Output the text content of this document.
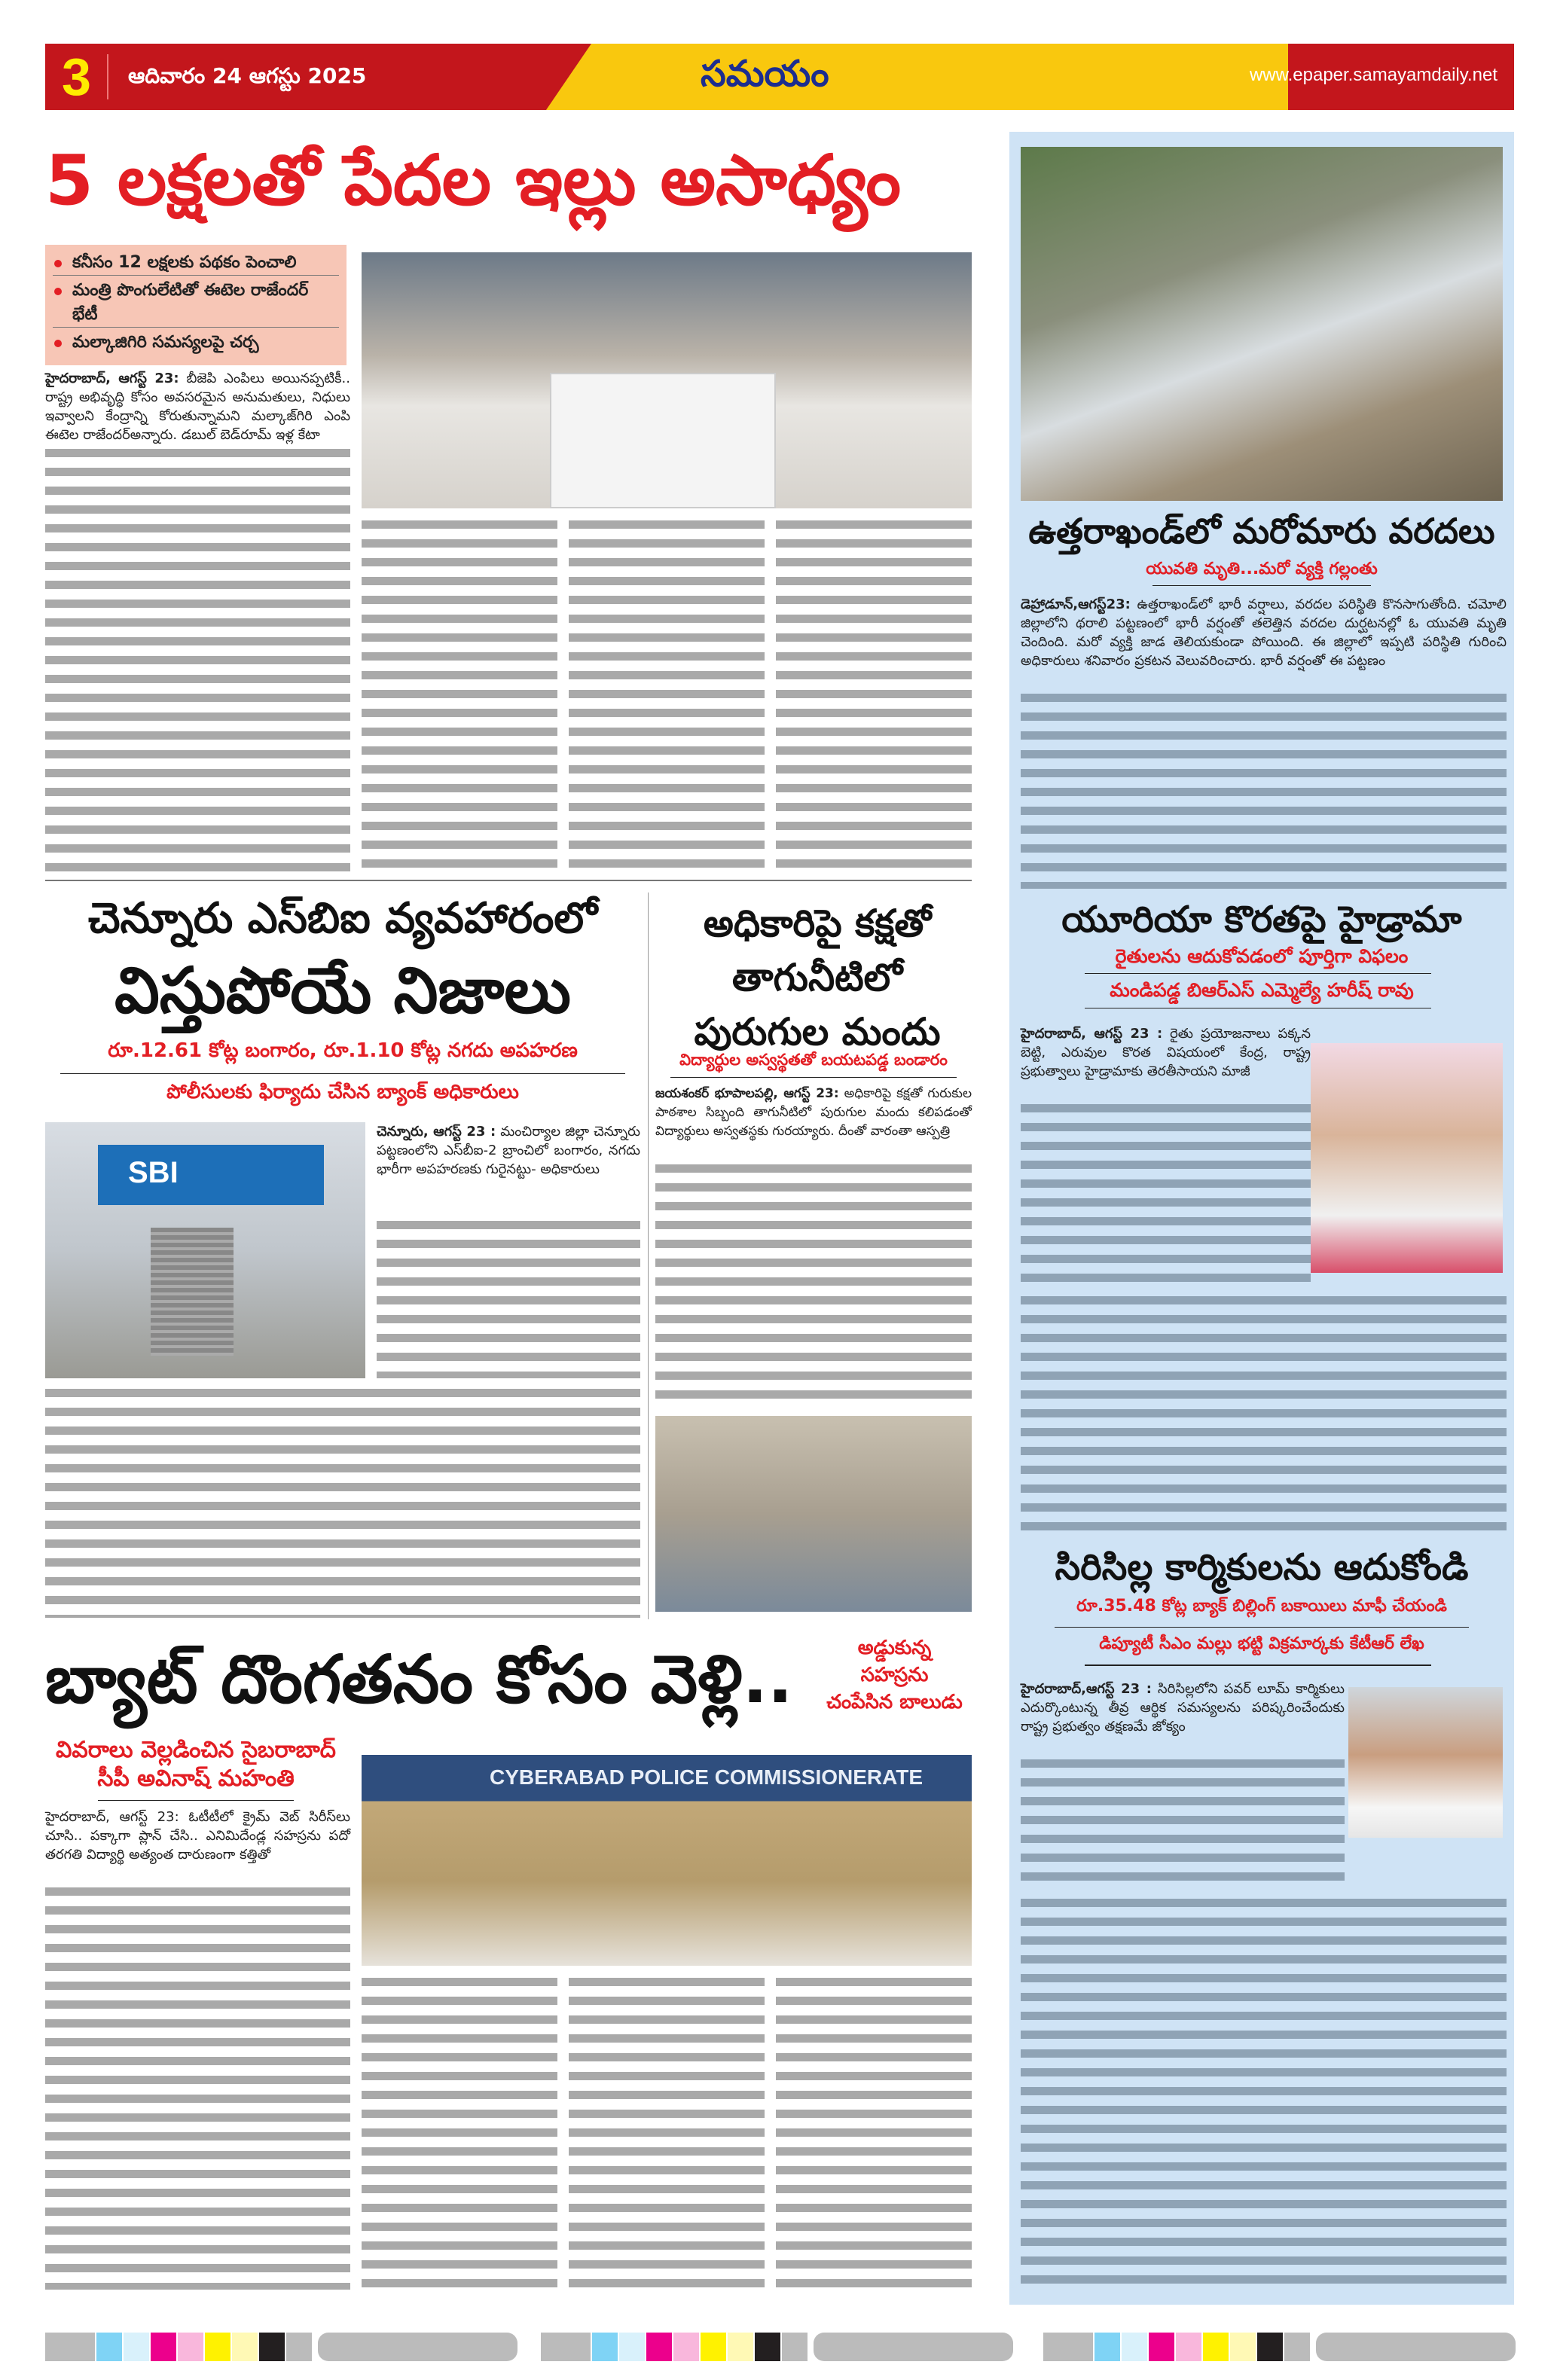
3 ఆదివారం 24 ఆగస్టు 2025	సమయం	www.epaper.samayamdaily.net
5 లక్షలతో పేదల ఇల్లు అసాధ్యం
కనీసం 12 లక్షలకు పథకం పెంచాలి
మంత్రి పొంగులేటితో ఈటెల రాజేందర్ భేటీ
మల్కాజిగిరి సమస్యలపై చర్చ
హైదరాబాద్, ఆగస్ట్ 23: బీజెపి ఎంపిలు అయినప్పటికీ.. రాష్ట్ర అభివృద్ధి కోసం అవసరమైన అనుమతులు, నిధులు ఇవ్వాలని కేంద్రాన్ని కోరుతున్నామని మల్కాజ్‌గిరి ఎంపి ఈటెల రాజేందర్‌అన్నారు. డబుల్ బెడ్‌రూమ్ ఇళ్ల కేటా
చెన్నూరు ఎస్‌బిఐ వ్యవహారంలో
విస్తుపోయే నిజాలు
రూ.12.61 కోట్ల బంగారం, రూ.1.10 కోట్ల నగదు అపహరణ
పోలీసులకు ఫిర్యాదు చేసిన బ్యాంక్ అధికారులు
SBI
చెన్నూరు, ఆగస్ట్ 23 : మంచిర్యాల జిల్లా చెన్నూరు పట్టణంలోని ఎస్‌బీఐ-2 బ్రాంచిలో బంగారం, నగదు భారీగా అపహరణకు గురైనట్టు- అధికారులు
అధికారిపై కక్షతో తాగునీటిలో పురుగుల మందు
విద్యార్థుల అస్వస్థతతో బయటపడ్డ బండారం
జయశంకర్ భూపాలపల్లి, ఆగస్ట్ 23: అధికారిపై కక్షతో గురుకుల పాఠశాల సిబ్బంది తాగునీటిలో పురుగుల మందు కలిపడంతో విద్యార్థులు అస్వతస్థకు గురయ్యారు. దీంతో వారంతా ఆస్పత్రి
బ్యాట్ దొంగతనం కోసం వెళ్లి..	అడ్డుకున్న
సహస్రను
చంపేసిన బాలుడు
వివరాలు వెల్లడించిన సైబరాబాద్ సీపీ అవినాష్ మహంతి
హైదరాబాద్, ఆగస్ట్ 23: ఓటీటీలో క్రైమ్ వెబ్ సిరీస్‌లు చూసి.. పక్కాగా ప్లాన్ చేసి.. ఎనిమిదేండ్ల సహస్రను పదో తరగతి విద్యార్థి అత్యంత దారుణంగా కత్తితో
CYBERABAD POLICE COMMISSIONERATE
ఉత్తరాఖండ్‌లో మరోమారు వరదలు
యువతి మృతి...మరో వ్యక్తి గల్లంతు
డెహ్రాడూన్,ఆగస్ట్23: ఉత్తరాఖండ్‌లో భారీ వర్షాలు, వరదల పరిస్థితి కొనసాగుతోంది. చమోలి జిల్లాలోని థరాలి పట్టణంలో భారీ వర్షంతో తలెత్తిన వరదల దుర్ఘటనల్లో ఓ యువతి మృతి చెందింది. మరో వ్యక్తి జాడ తెలియకుండా పోయింది. ఈ జిల్లాలో ఇప్పటి పరిస్థితి గురించి అధికారులు శనివారం ప్రకటన వెలువరించారు. భారీ వర్షంతో ఈ పట్టణం
యూరియా కొరతపై హైడ్రామా
రైతులను ఆదుకోవడంలో పూర్తిగా విఫలం
మండిపడ్డ బిఆర్ఎస్ ఎమ్మెల్యే హరీష్ రావు
హైదరాబాద్, ఆగస్ట్ 23 : రైతు ప్రయోజనాలు పక్కన బెట్టి, ఎరువుల కొరత విషయంలో కేంద్ర, రాష్ట్ర ప్రభుత్వాలు హైడ్రామాకు తెరతీసాయని మాజీ
సిరిసిల్ల కార్మికులను ఆదుకోండి
రూ.35.48 కోట్ల బ్యాక్ బిల్లింగ్ బకాయిలు మాఫీ చేయండి
డిప్యూటీ సీఎం మల్లు భట్టి విక్రమార్కకు కేటీఆర్ లేఖ
హైదరాబాద్,ఆగస్ట్ 23 : సిరిసిల్లలోని పవర్ లూమ్ కార్మికులు ఎదుర్కొంటున్న తీవ్ర ఆర్థిక సమస్యలను పరిష్కరించేందుకు రాష్ట్ర ప్రభుత్వం తక్షణమే జోక్యం
